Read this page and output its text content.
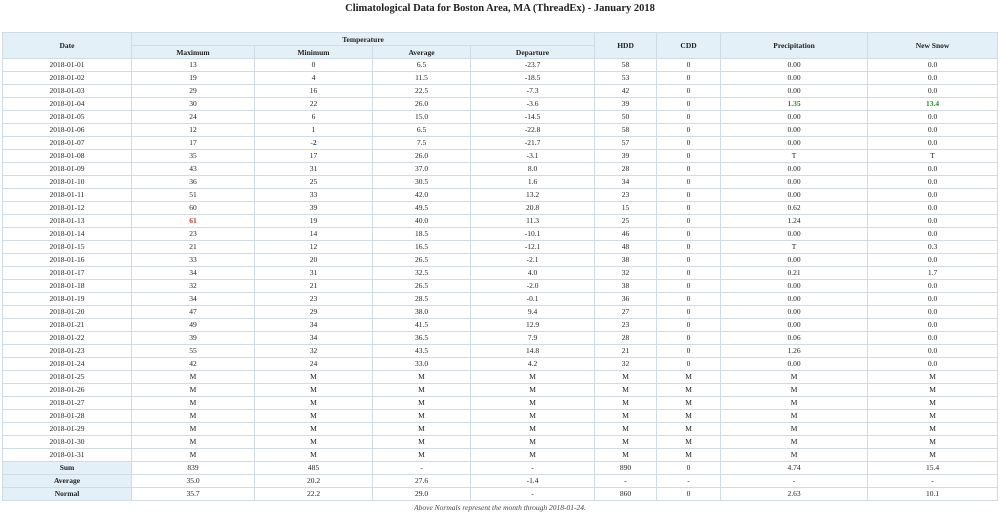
Climatological Data for Boston Area, MA (ThreadEx) - January 2018
Date	Temperature				HDD	CDD	Precipitation	New Snow
	Maximum	Minimum	Average	Departure				
2018-01-01	13	0	6.5	-23.7	58	0	0.00	0.0
2018-01-02	19	4	11.5	-18.5	53	0	0.00	0.0
2018-01-03	29	16	22.5	-7.3	42	0	0.00	0.0
2018-01-04	30	22	26.0	-3.6	39	0	1.35	13.4
2018-01-05	24	6	15.0	-14.5	50	0	0.00	0.0
2018-01-06	12	1	6.5	-22.8	58	0	0.00	0.0
2018-01-07	17	-2	7.5	-21.7	57	0	0.00	0.0
2018-01-08	35	17	26.0	-3.1	39	0	T	T
2018-01-09	43	31	37.0	8.0	28	0	0.00	0.0
2018-01-10	36	25	30.5	1.6	34	0	0.00	0.0
2018-01-11	51	33	42.0	13.2	23	0	0.00	0.0
2018-01-12	60	39	49.5	20.8	15	0	0.62	0.0
2018-01-13	61	19	40.0	11.3	25	0	1.24	0.0
2018-01-14	23	14	18.5	-10.1	46	0	0.00	0.0
2018-01-15	21	12	16.5	-12.1	48	0	T	0.3
2018-01-16	33	20	26.5	-2.1	38	0	0.00	0.0
2018-01-17	34	31	32.5	4.0	32	0	0.21	1.7
2018-01-18	32	21	26.5	-2.0	38	0	0.00	0.0
2018-01-19	34	23	28.5	-0.1	36	0	0.00	0.0
2018-01-20	47	29	38.0	9.4	27	0	0.00	0.0
2018-01-21	49	34	41.5	12.9	23	0	0.00	0.0
2018-01-22	39	34	36.5	7.9	28	0	0.06	0.0
2018-01-23	55	32	43.5	14.8	21	0	1.26	0.0
2018-01-24	42	24	33.0	4.2	32	0	0.00	0.0
2018-01-25	M	M	M	M	M	M	M	M
2018-01-26	M	M	M	M	M	M	M	M
2018-01-27	M	M	M	M	M	M	M	M
2018-01-28	M	M	M	M	M	M	M	M
2018-01-29	M	M	M	M	M	M	M	M
2018-01-30	M	M	M	M	M	M	M	M
2018-01-31	M	M	M	M	M	M	M	M
Sum	839	485	-	-	890	0	4.74	15.4
Average	35.0	20.2	27.6	-1.4	-	-	-	-
Normal	35.7	22.2	29.0	-	860	0	2.63	10.1
Above Normals represent the month through 2018-01-24.
